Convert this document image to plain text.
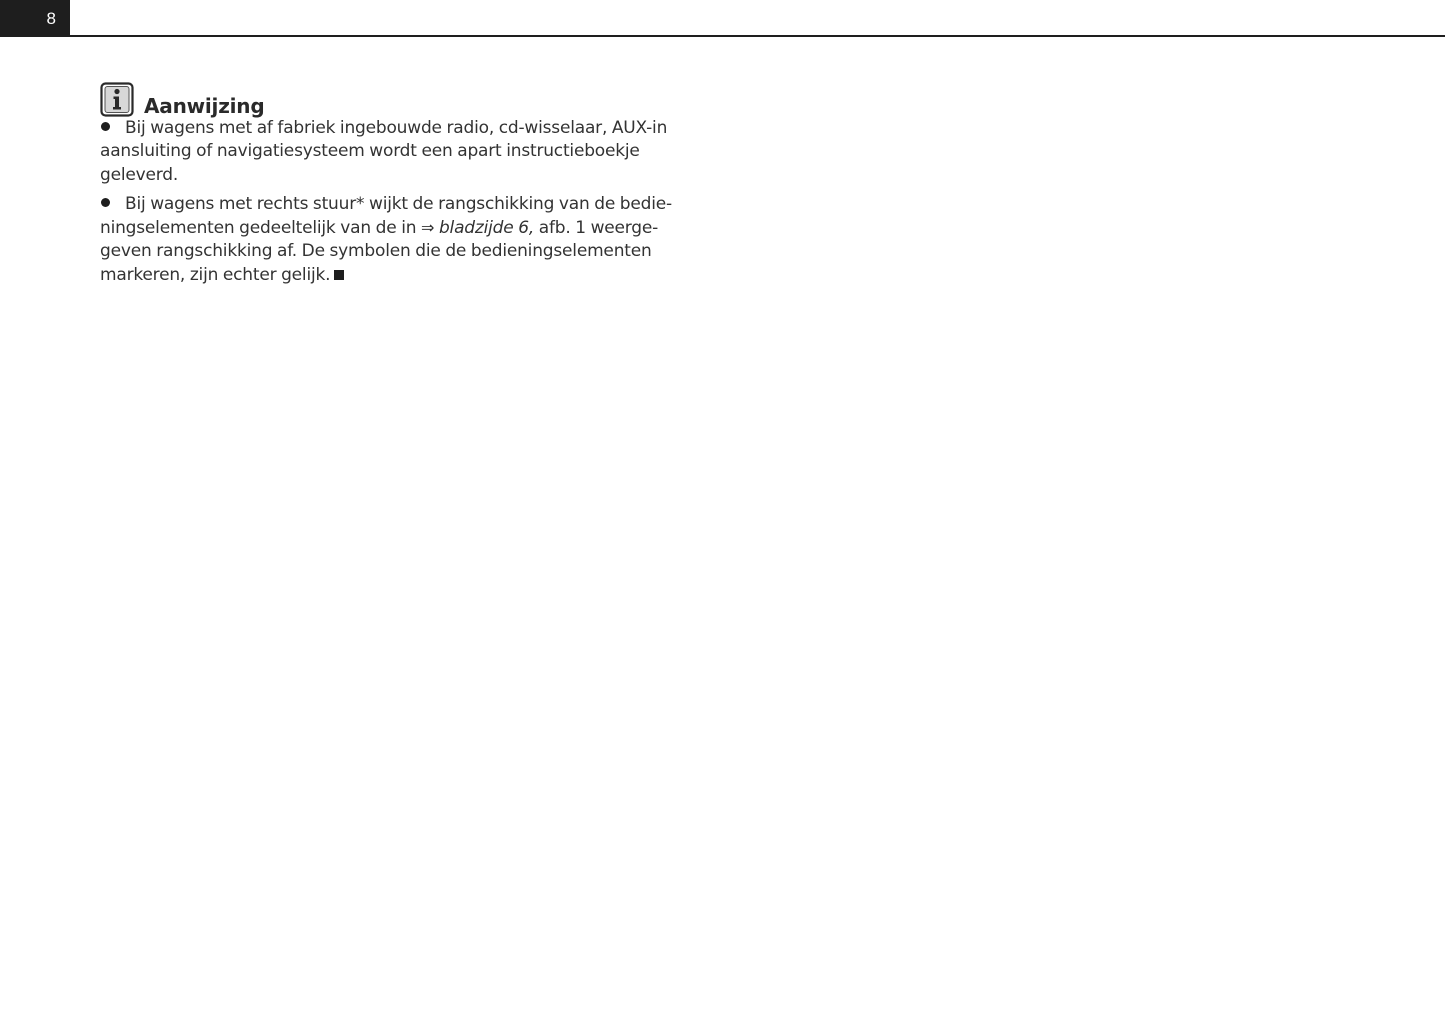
8
Aanwijzing

Bij wagens met af fabriek ingebouwde radio, cd-wisselaar, AUX-in
aansluiting of navigatiesysteem wordt een apart instructieboekje
geleverd.

Bij wagens met rechts stuur* wijkt de rangschikking van de bedie-
ningselementen gedeeltelijk van de in ⇒ bladzijde 6, afb. 1 weerge-
geven rangschikking af. De symbolen die de bedieningselementen
markeren, zijn echter gelijk.
